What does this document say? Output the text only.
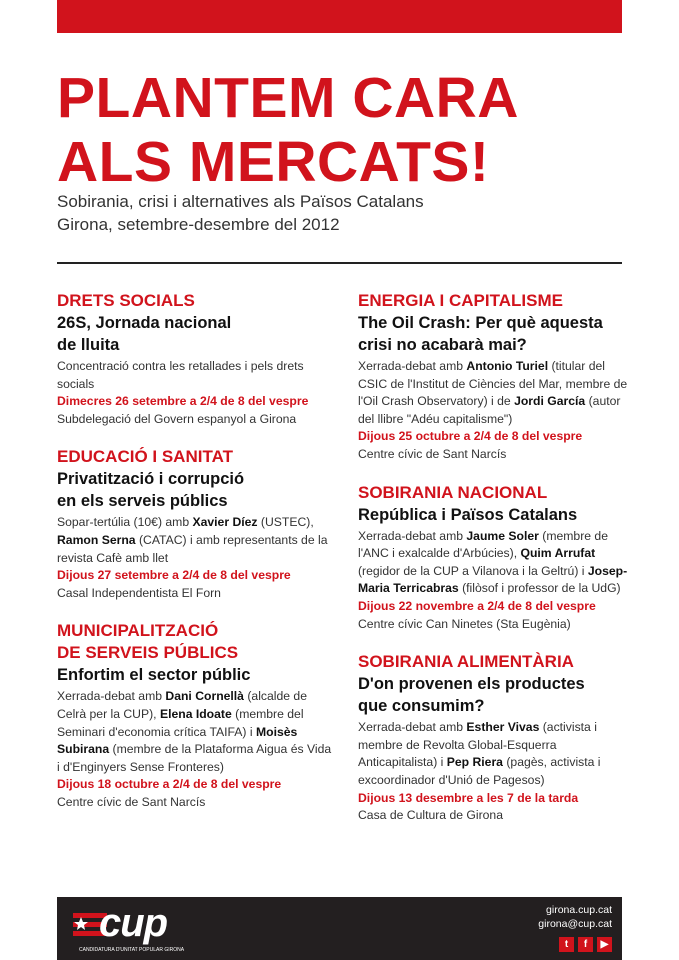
PLANTEM CARA
ALS MERCATS!
Sobirania, crisi i alternatives als Països Catalans
Girona, setembre-desembre del 2012
DRETS SOCIALS
26S, Jornada nacional
de lluita
Concentració contra les retallades i pels drets socials
Dimecres 26 setembre a 2/4 de 8 del vespre
Subdelegació del Govern espanyol a Girona
EDUCACIÓ I SANITAT
Privatització i corrupció
en els serveis públics
Sopar-tertúlia (10€) amb Xavier Díez (USTEC), Ramon Serna (CATAC) i amb representants de la revista Cafè amb llet
Dijous 27 setembre a 2/4 de 8 del vespre
Casal Independentista El Forn
MUNICIPALITZACIÓ
DE SERVEIS PÚBLICS
Enfortim el sector públic
Xerrada-debat amb Dani Cornellà (alcalde de Celrà per la CUP), Elena Idoate (membre del Seminari d'economia crítica TAIFA) i Moisès Subirana (membre de la Plataforma Aigua és Vida i d'Enginyers Sense Fronteres)
Dijous 18 octubre a 2/4 de 8 del vespre
Centre cívic de Sant Narcís
ENERGIA I CAPITALISME
The Oil Crash: Per què aquesta
crisi no acabarà mai?
Xerrada-debat amb Antonio Turiel (titular del CSIC de l'Institut de Ciències del Mar, membre de l'Oil Crash Observatory) i de Jordi García (autor del llibre "Adéu capitalisme")
Dijous 25 octubre a 2/4 de 8 del vespre
Centre cívic de Sant Narcís
SOBIRANIA NACIONAL
República i Països Catalans
Xerrada-debat amb Jaume Soler (membre de l'ANC i exalcalde d'Arbúcies), Quim Arrufat (regidor de la CUP a Vilanova i la Geltrú) i Josep-Maria Terricabras (filòsof i professor de la UdG)
Dijous 22 novembre a 2/4 de 8 del vespre
Centre cívic Can Ninetes (Sta Eugènia)
SOBIRANIA ALIMENTÀRIA
D'on provenen els productes
que consumim?
Xerrada-debat amb Esther Vivas (activista i membre de Revolta Global-Esquerra Anticapitalista) i Pep Riera (pagès, activista i excoordinador d'Unió de Pagesos)
Dijous 13 desembre a les 7 de la tarda
Casa de Cultura de Girona
cup
CANDIDATURA D'UNITAT POPULAR GIRONA
girona.cup.cat
girona@cup.cat
t	f	▶
